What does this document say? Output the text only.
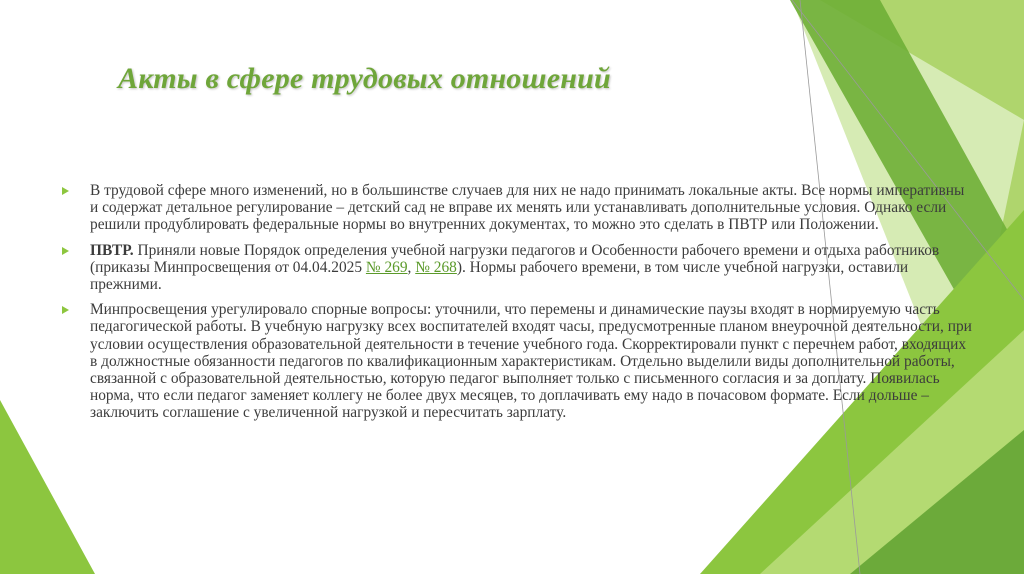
Акты в сфере трудовых отношений
В трудовой сфере много изменений, но в большинстве случаев для них не надо принимать локальные акты. Все нормы императивны и содержат детальное регулирование – детский сад не вправе их менять или устанавливать дополнительные условия. Однако если решили продублировать федеральные нормы во внутренних документах, то можно это сделать в ПВТР или Положении.
ПВТР. Приняли новые Порядок определения учебной нагрузки педагогов и Особенности рабочего времени и отдыха работников (приказы Минпросвещения от 04.04.2025 № 269, № 268). Нормы рабочего времени, в том числе учебной нагрузки, оставили прежними.
Минпросвещения урегулировало спорные вопросы: уточнили, что перемены и динамические паузы входят в нормируемую часть педагогической работы. В учебную нагрузку всех воспитателей входят часы, предусмотренные планом внеурочной деятельности, при условии осуществления образовательной деятельности в течение учебного года. Скорректировали пункт с перечнем работ, входящих в должностные обязанности педагогов по квалификационным характеристикам. Отдельно выделили виды дополнительной работы, связанной с образовательной деятельностью, которую педагог выполняет только с письменного согласия и за доплату. Появилась норма, что если педагог заменяет коллегу не более двух месяцев, то доплачивать ему надо в почасовом формате. Если дольше – заключить соглашение с увеличенной нагрузкой и пересчитать зарплату.
